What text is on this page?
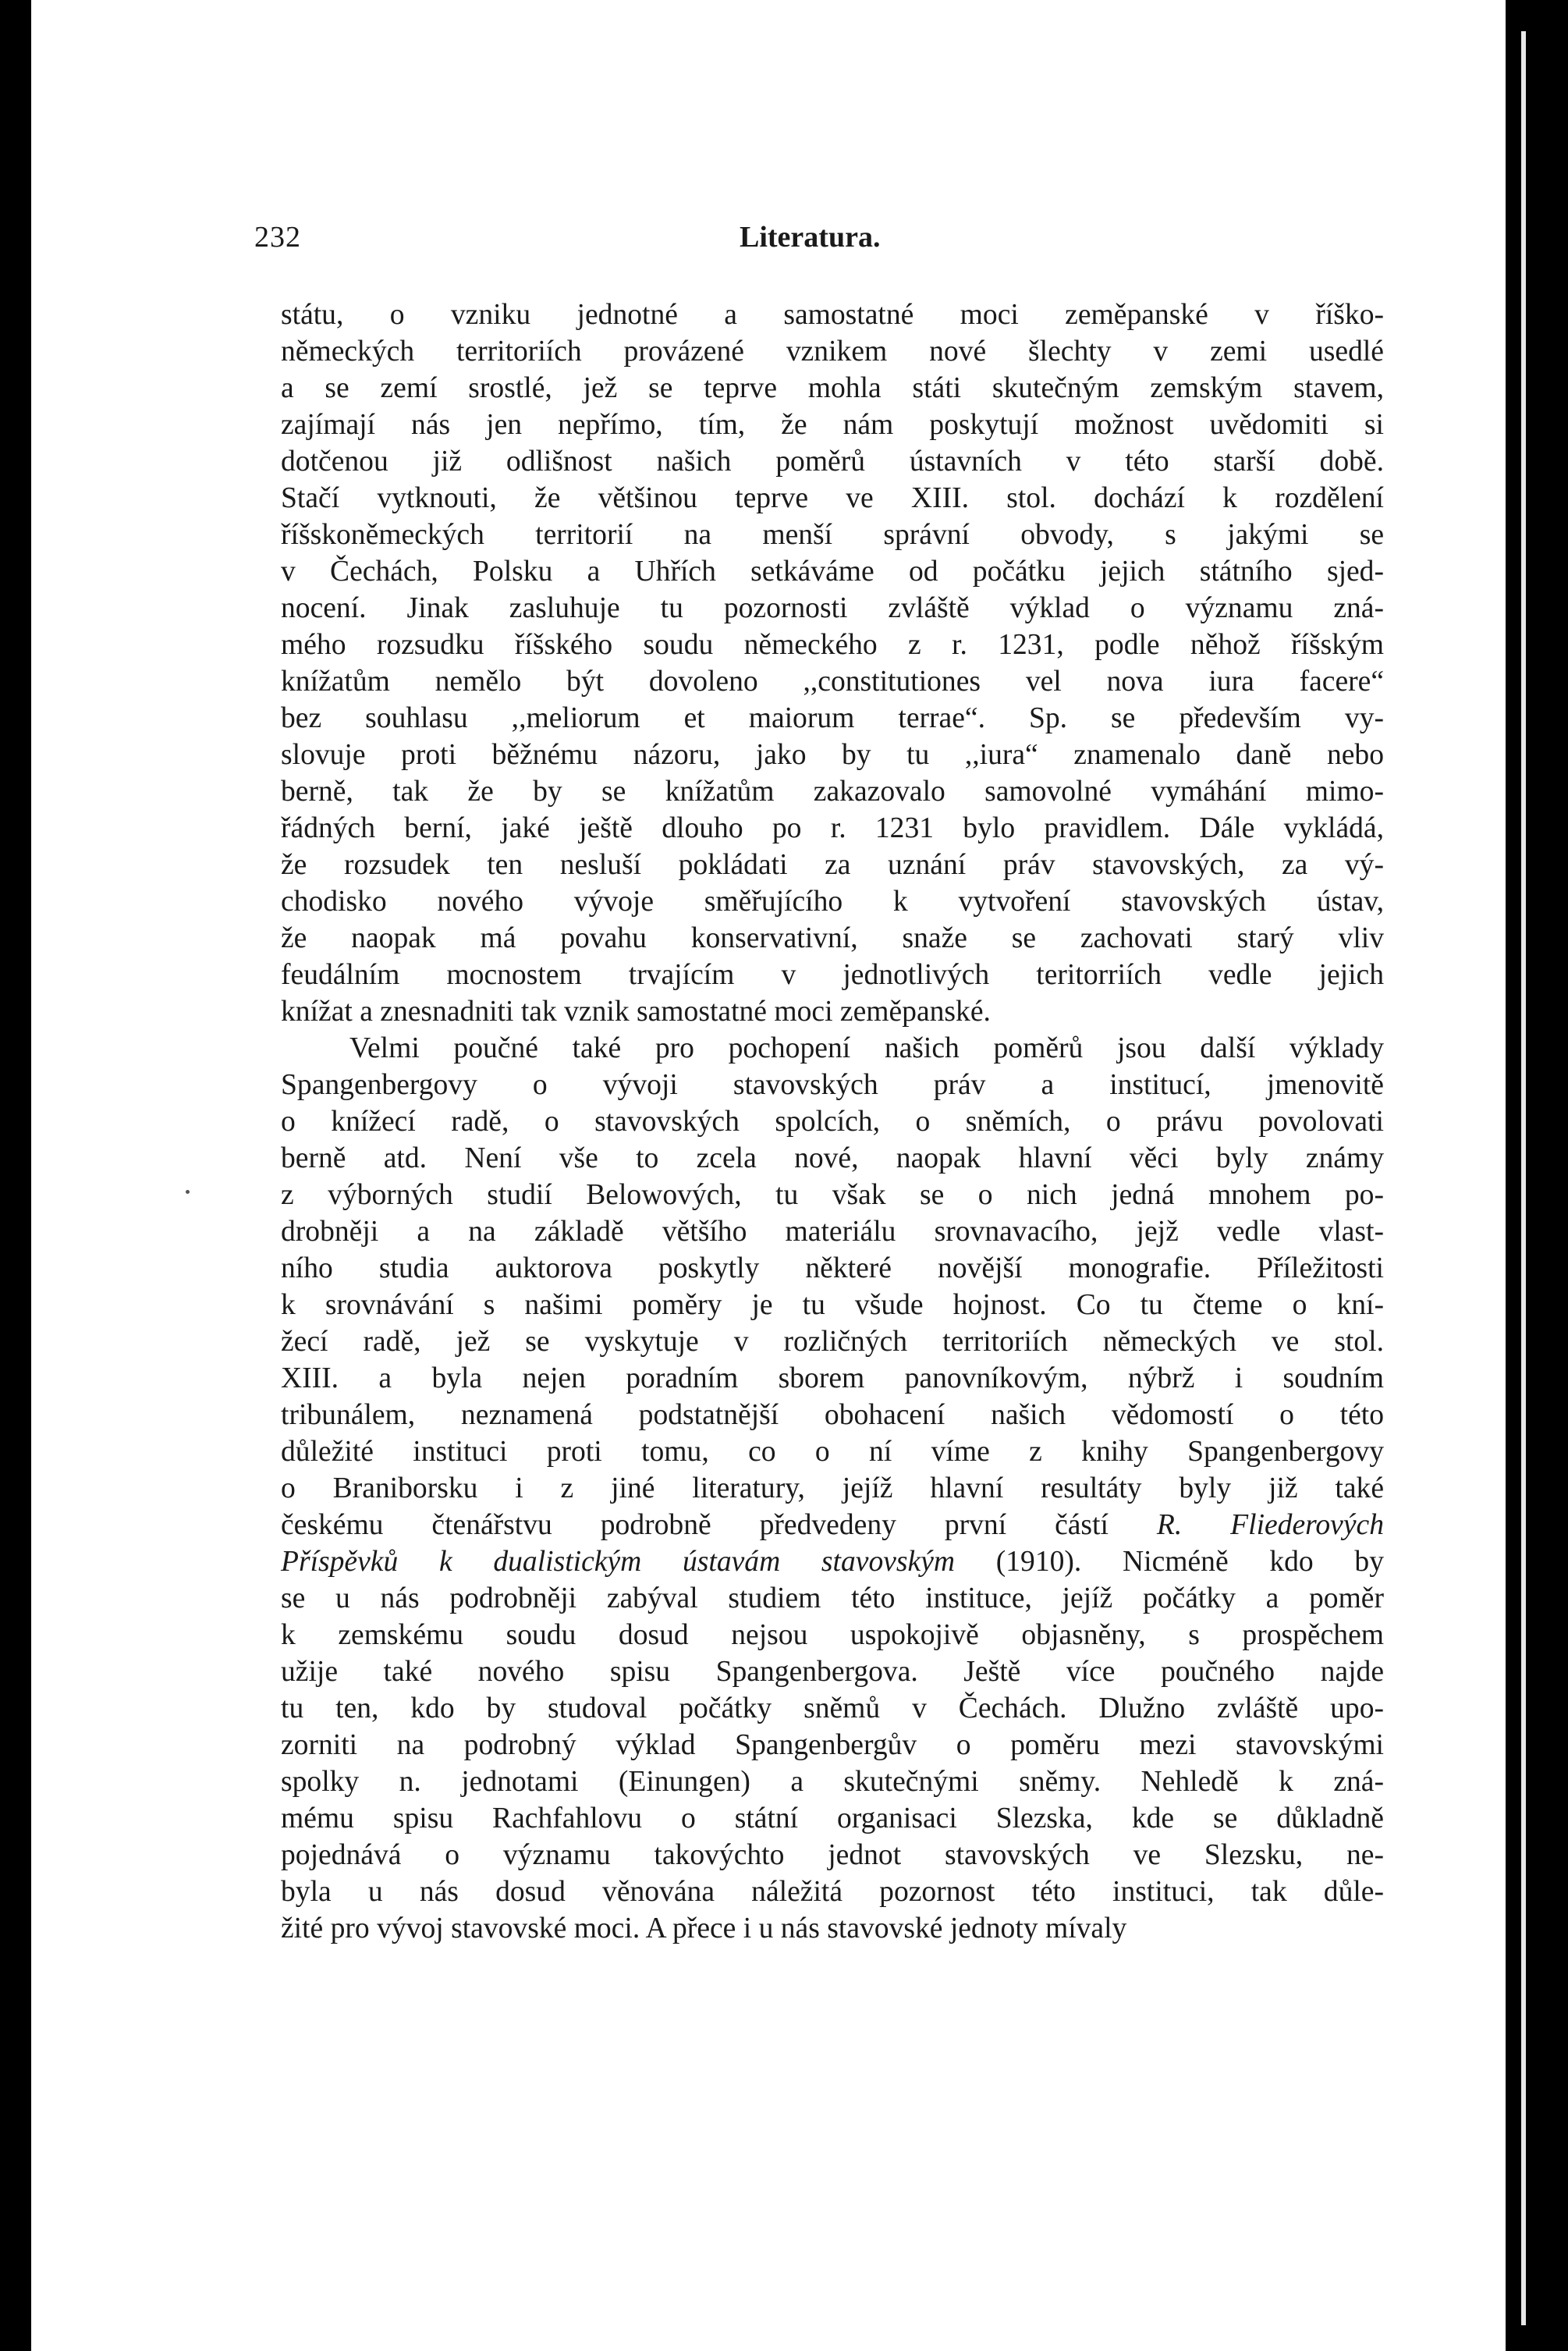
232	Literatura.
státu, o vzniku jednotné a samostatné moci zeměpanské v říško-
německých territoriích provázené vznikem nové šlechty v zemi usedlé
a se zemí srostlé, jež se teprve mohla státi skutečným zemským stavem,
zajímají nás jen nepřímo, tím, že nám poskytují možnost uvědomiti si
dotčenou již odlišnost našich poměrů ústavních v této starší době.
Stačí vytknouti, že většinou teprve ve XIII. stol. dochází k rozdělení
říšskoněmeckých territorií na menší správní obvody, s jakými se
v Čechách, Polsku a Uhřích setkáváme od počátku jejich státního sjed-
nocení. Jinak zasluhuje tu pozornosti zvláště výklad o významu zná-
mého rozsudku říšského soudu německého z r. 1231, podle něhož říšským
knížatům nemělo být dovoleno ,,constitutiones vel nova iura facere“
bez souhlasu ,,meliorum et maiorum terrae“. Sp. se především vy-
slovuje proti běžnému názoru, jako by tu ,,iura“ znamenalo daně nebo
berně, tak že by se knížatům zakazovalo samovolné vymáhání mimo-
řádných berní, jaké ještě dlouho po r. 1231 bylo pravidlem. Dále vykládá,
že rozsudek ten nesluší pokládati za uznání práv stavovských, za vý-
chodisko nového vývoje směřujícího k vytvoření stavovských ústav,
že naopak má povahu konservativní, snaže se zachovati starý vliv
feudálním mocnostem trvajícím v jednotlivých teritorriích vedle jejich
knížat a znesnadniti tak vznik samostatné moci zeměpanské.
Velmi poučné také pro pochopení našich poměrů jsou další výklady
Spangenbergovy o vývoji stavovských práv a institucí, jmenovitě
o knížecí radě, o stavovských spolcích, o sněmích, o právu povolovati
berně atd. Není vše to zcela nové, naopak hlavní věci byly známy
z výborných studií Belowových, tu však se o nich jedná mnohem po-
drobněji a na základě většího materiálu srovnavacího, jejž vedle vlast-
ního studia auktorova poskytly některé novější monografie. Příležitosti
k srovnávání s našimi poměry je tu všude hojnost. Co tu čteme o kní-
žecí radě, jež se vyskytuje v rozličných territoriích německých ve stol.
XIII. a byla nejen poradním sborem panovníkovým, nýbrž i soudním
tribunálem, neznamená podstatnější obohacení našich vědomostí o této
důležité instituci proti tomu, co o ní víme z knihy Spangenbergovy
o Braniborsku i z jiné literatury, jejíž hlavní resultáty byly již také
českému čtenářstvu podrobně předvedeny první částí R. Fliederových
Příspěvků k dualistickým ústavám stavovským (1910). Nicméně kdo by
se u nás podrobněji zabýval studiem této instituce, jejíž počátky a poměr
k zemskému soudu dosud nejsou uspokojivě objasněny, s prospěchem
užije také nového spisu Spangenbergova. Ještě více poučného najde
tu ten, kdo by studoval počátky sněmů v Čechách. Dlužno zvláště upo-
zorniti na podrobný výklad Spangenbergův o poměru mezi stavovskými
spolky n. jednotami (Einungen) a skutečnými sněmy. Nehledě k zná-
mému spisu Rachfahlovu o státní organisaci Slezska, kde se důkladně
pojednává o významu takovýchto jednot stavovských ve Slezsku, ne-
byla u nás dosud věnována náležitá pozornost této instituci, tak důle-
žité pro vývoj stavovské moci. A přece i u nás stavovské jednoty mívaly
